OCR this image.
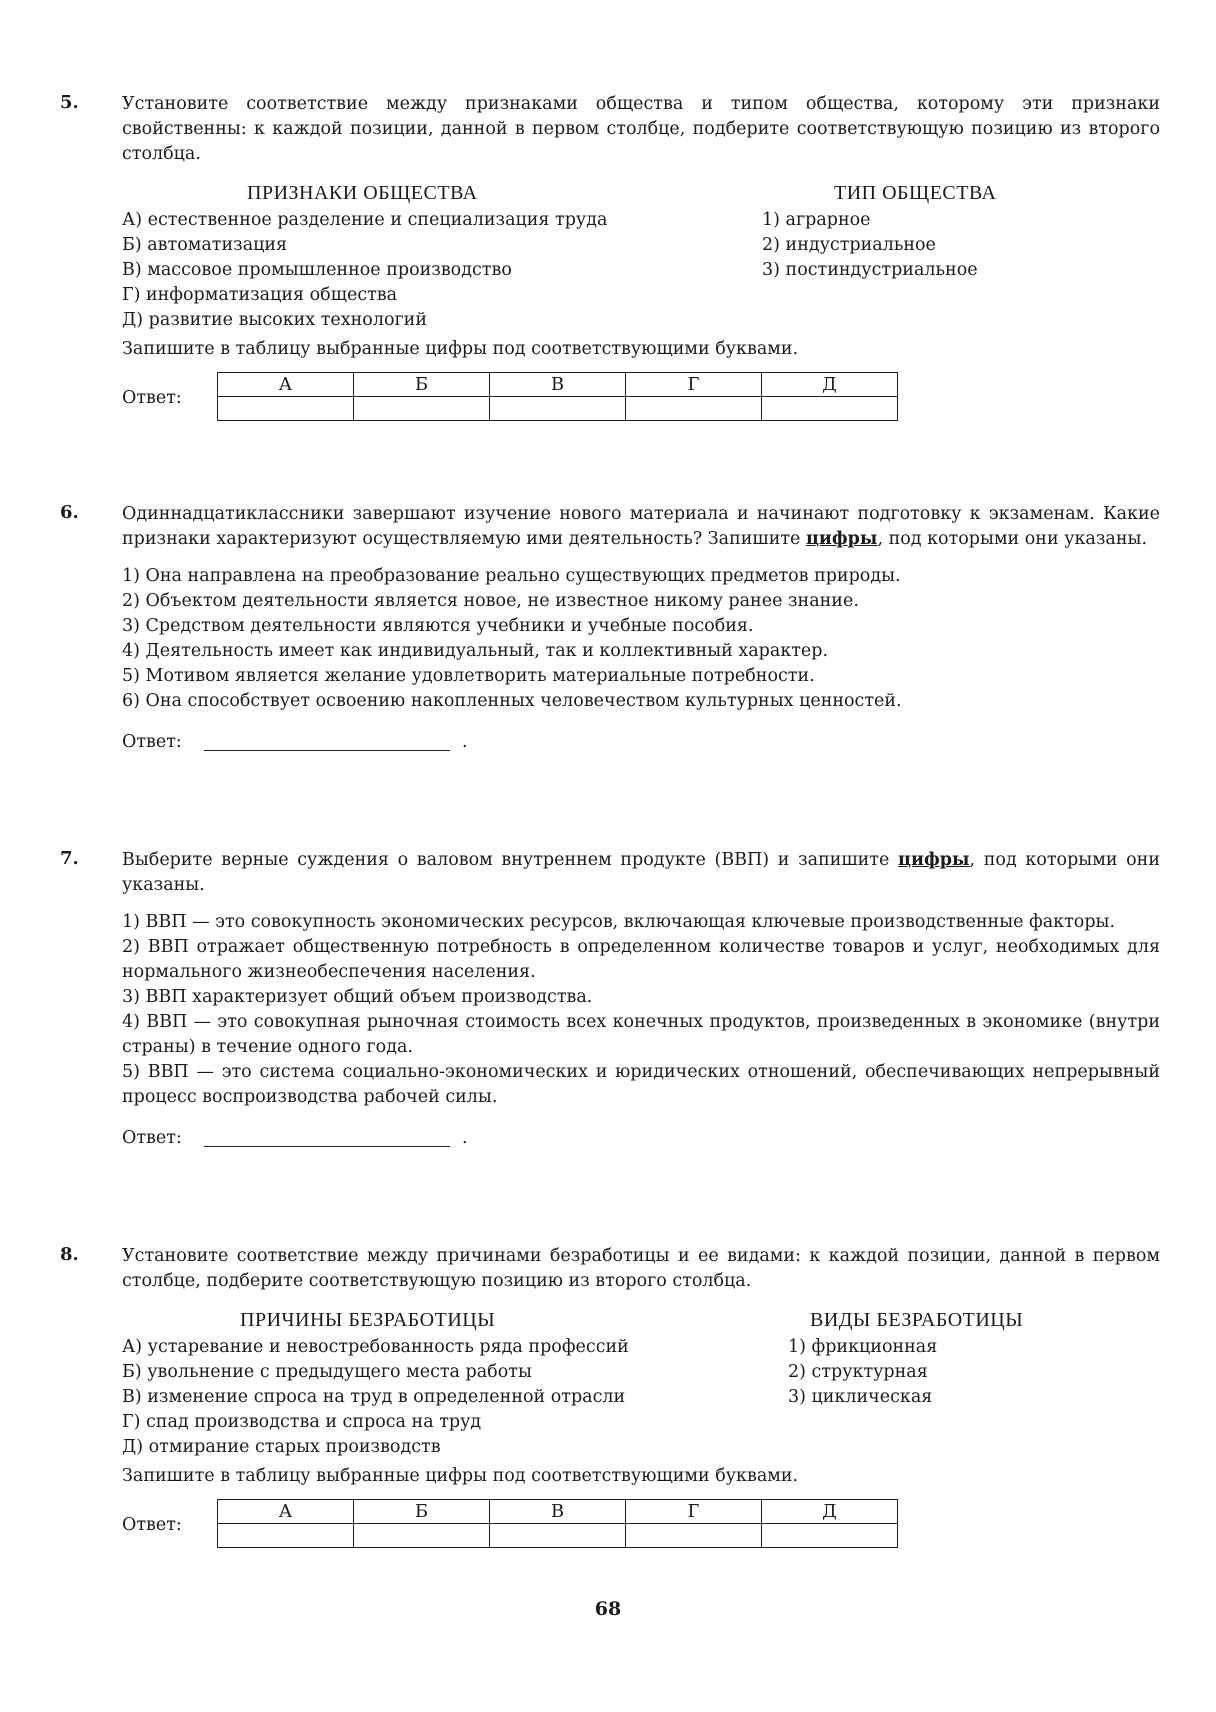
5. Установите соответствие между признаками общества и типом общества, которому эти признаки свойственны: к каждой позиции, данной в первом столбце, подберите соответствующую позицию из второго столбца.

ПРИЗНАКИ ОБЩЕСТВА
А) естественное разделение и специализация труда
Б) автоматизация
В) массовое промышленное производство
Г) информатизация общества
Д) развитие высоких технологий
ТИП ОБЩЕСТВА
1) аграрное
2) индустриальное
3) постиндустриальное
Запишите в таблицу выбранные цифры под соответствующими буквами.
Ответ:
А	Б	В	Г	Д

6. Одиннадцатиклассники завершают изучение нового материала и начинают подготовку к экзаменам. Какие признаки характеризуют осуществляемую ими деятельность? Запишите цифры, под которыми они указаны.

1) Она направлена на преобразование реально существующих предметов природы.
2) Объектом деятельности является новое, не известное никому ранее знание.
3) Средством деятельности являются учебники и учебные пособия.
4) Деятельность имеет как индивидуальный, так и коллективный характер.
5) Мотивом является желание удовлетворить материальные потребности.
6) Она способствует освоению накопленных человечеством культурных ценностей.
Ответ:	.
7. Выберите верные суждения о валовом внутреннем продукте (ВВП) и запишите цифры, под которыми они указаны.

1) ВВП — это совокупность экономических ресурсов, включающая ключевые производственные факторы.
2) ВВП отражает общественную потребность в определенном количестве товаров и услуг, необходимых для нормального жизнеобеспечения населения.
3) ВВП характеризует общий объем производства.
4) ВВП — это совокупная рыночная стоимость всех конечных продуктов, произведенных в экономике (внутри страны) в течение одного года.
5) ВВП — это система социально-экономических и юридических отношений, обеспечивающих непрерывный процесс воспроизводства рабочей силы.
Ответ:	.
8. Установите соответствие между причинами безработицы и ее видами: к каждой позиции, данной в первом столбце, подберите соответствующую позицию из второго столбца.

ПРИЧИНЫ БЕЗРАБОТИЦЫ
А) устаревание и невостребованность ряда профессий
Б) увольнение с предыдущего места работы
В) изменение спроса на труд в определенной отрасли
Г) спад производства и спроса на труд
Д) отмирание старых производств
ВИДЫ БЕЗРАБОТИЦЫ
1) фрикционная
2) структурная
3) циклическая
Запишите в таблицу выбранные цифры под соответствующими буквами.
Ответ:
А	Б	В	Г	Д

68
